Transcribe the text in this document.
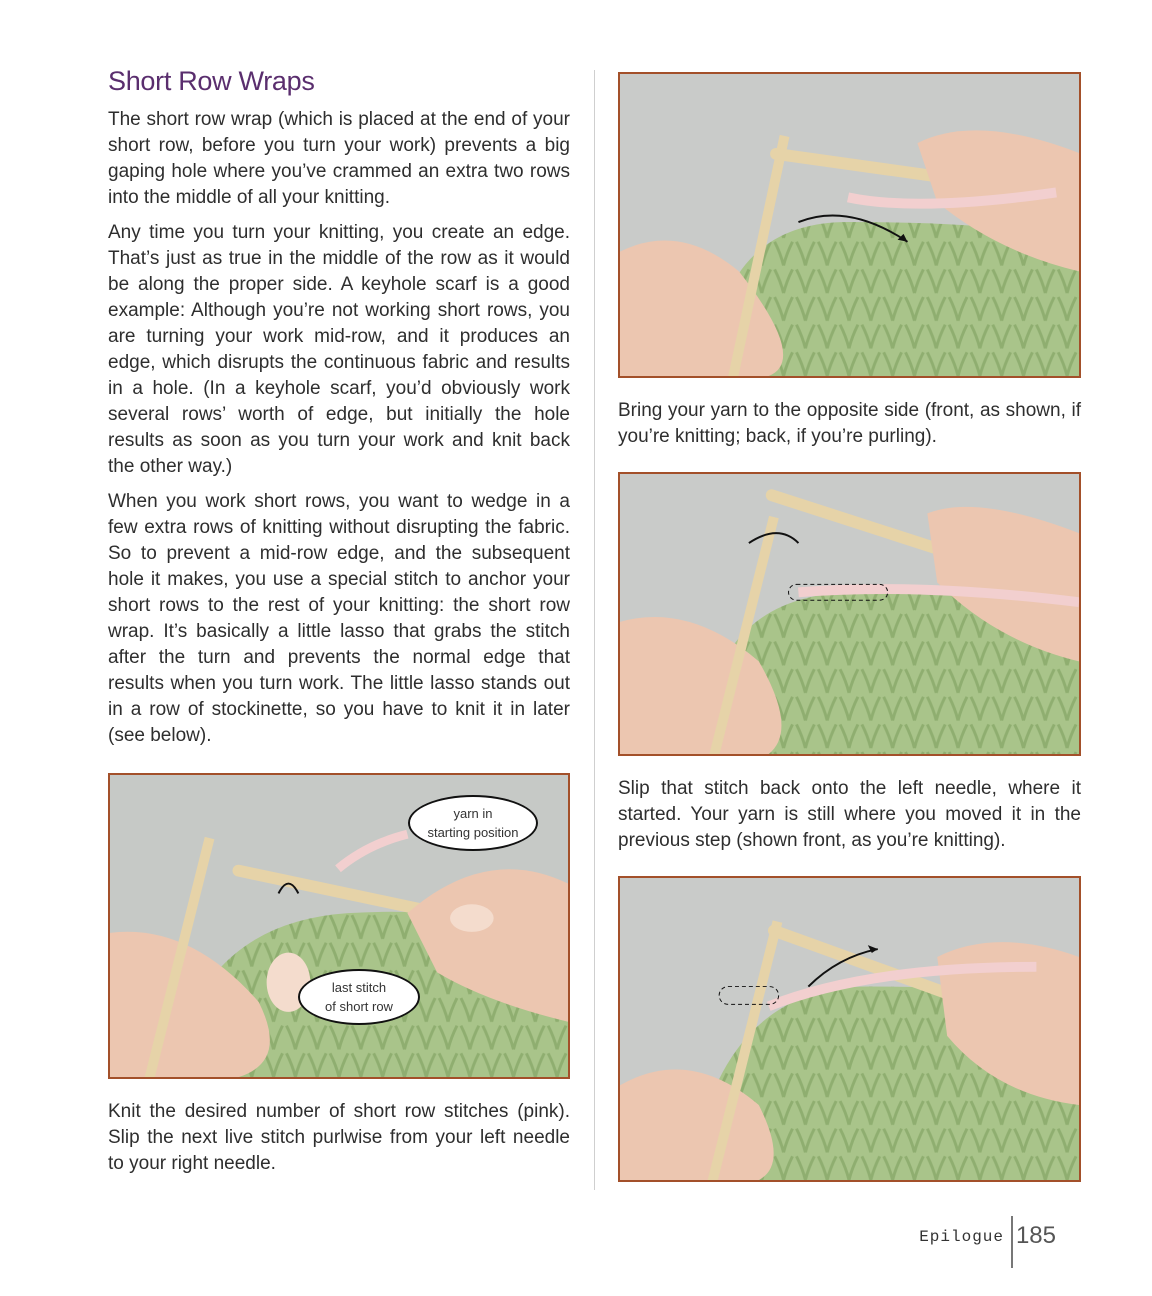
Short Row Wraps

The short row wrap (which is placed at the end of your short row, before you turn your work) prevents a big gaping hole where you’ve crammed an extra two rows into the middle of all your knitting.

Any time you turn your knitting, you create an edge. That’s just as true in the middle of the row as it would be along the proper side. A keyhole scarf is a good example: Although you’re not working short rows, you are turning your work mid-row, and it produces an edge, which disrupts the continuous fabric and results in a hole. (In a keyhole scarf, you’d obviously work several rows’ worth of edge, but initially the hole results as soon as you turn your work and knit back the other way.)

When you work short rows, you want to wedge in a few extra rows of knitting without disrupting the fabric. So to prevent a mid-row edge, and the subsequent hole it makes, you use a special stitch to anchor your short rows to the rest of your knitting: the short row wrap. It’s basically a little lasso that grabs the stitch after the turn and prevents the normal edge that results when you turn work. The little lasso stands out in a row of stockinette, so you have to knit it in later (see below).

yarn in
starting position
last stitch
of short row

Knit the desired number of short row stitches (pink). Slip the next live stitch purlwise from your left needle to your right needle.

Bring your yarn to the opposite side (front, as shown, if you’re knitting; back, if you’re purling).

Slip that stitch back onto the left needle, where it started. Your yarn is still where you moved it in the previous step (shown front, as you’re knitting).

Epilogue 185
